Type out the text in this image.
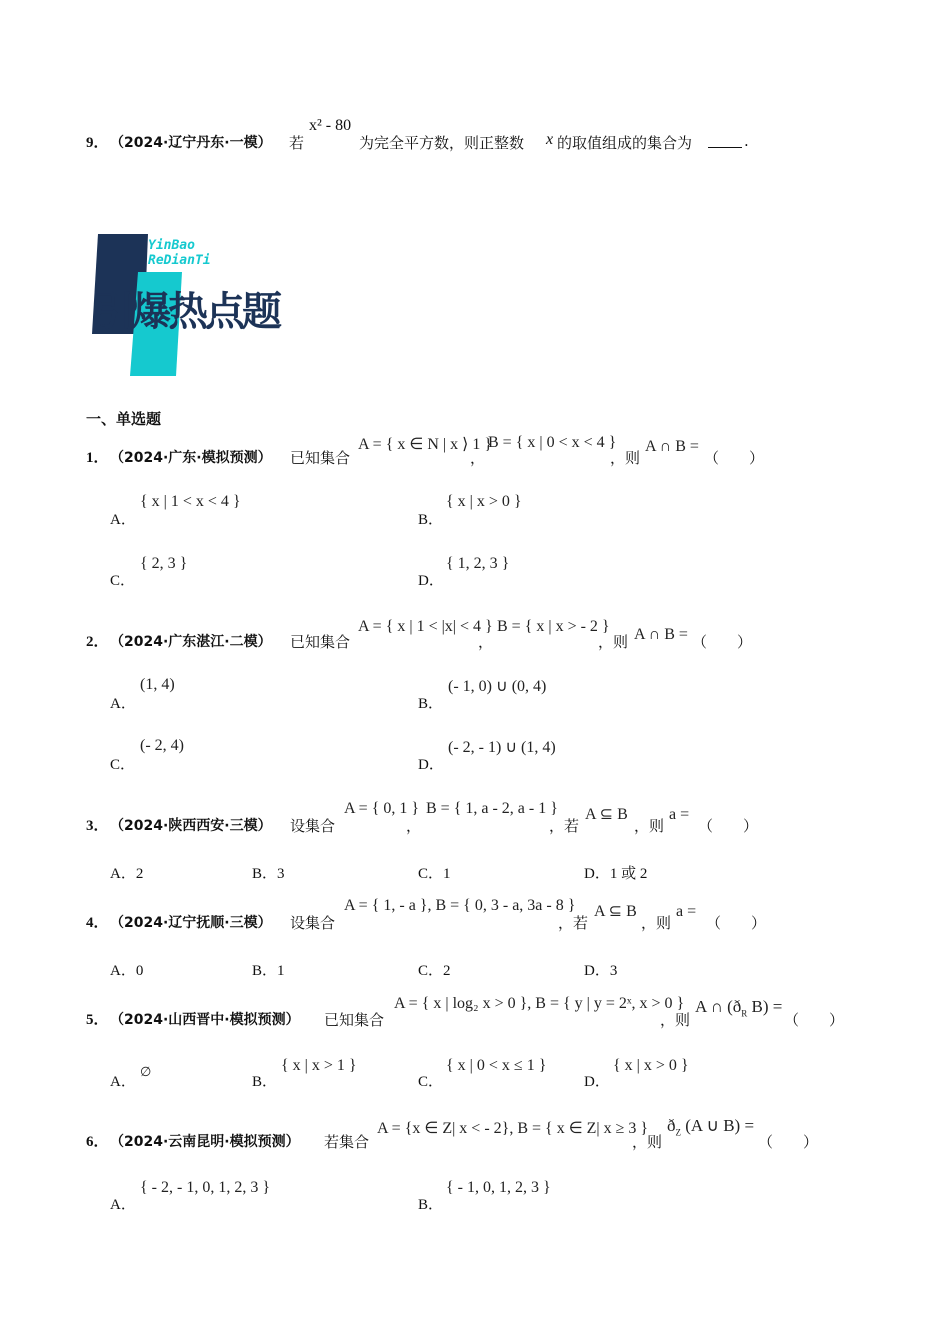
9． （2024·辽宁丹东·一模） 若
x² - 80
为完全平方数，则正整数 x 的取值组成的集合为	.
YinBao
ReDianTi
引爆热点题
一、单选题
1． （2024·广东·模拟预测） 已知集合
A = { x ∈ N | x ⟩ 1 }
，
B = { x | 0 < x < 4 }
，则
A ∩ B =
（　　）
A．
{ x | 1 < x < 4 }
B．
{ x | x > 0 }
C．
{ 2, 3 }
D．
{ 1, 2, 3 }
2． （2024·广东湛江·二模） 已知集合
A = { x | 1 < |x| < 4 }
，
B = { x | x > - 2 }
，则 A ∩ B = （　　）
A．
(1, 4)
B．
(- 1, 0) ∪ (0, 4)
C．
(- 2, 4)
D．
(- 2, - 1) ∪ (1, 4)
3． （2024·陕西西安·三模） 设集合
A = { 0, 1 }
，
B = { 1, a - 2, a - 1 }
，若
A ⊆ B
，则
a =
（　　）
A．2	B．3	C．1	D．1 或 2
4． （2024·辽宁抚顺·三模） 设集合
A = { 1, - a }, B = { 0, 3 - a, 3a - 8 }
，若
A ⊆ B
，则
a =
（　　）
A．0	B．1	C．2	D．3
5． （2024·山西晋中·模拟预测） 已知集合
A = { x | log₂ x > 0 }, B = { y | y = 2ˣ, x > 0 }
，则
A ∩ ($ð_R$ B) =
（　　）
A．
∅
B．
{ x | x > 1 }
C．
{ x | 0 < x ≤ 1 }
D．
{ x | x > 0 }
6． （2024·云南昆明·模拟预测） 若集合
A = {x ∈ Z| x < - 2}, B = { x ∈ Z| x ≥ 3 }
，则
$ð_Z$ (A ∪ B) =
（　　）
A．
{ - 2, - 1, 0, 1, 2, 3 }
B．
{ - 1, 0, 1, 2, 3 }
